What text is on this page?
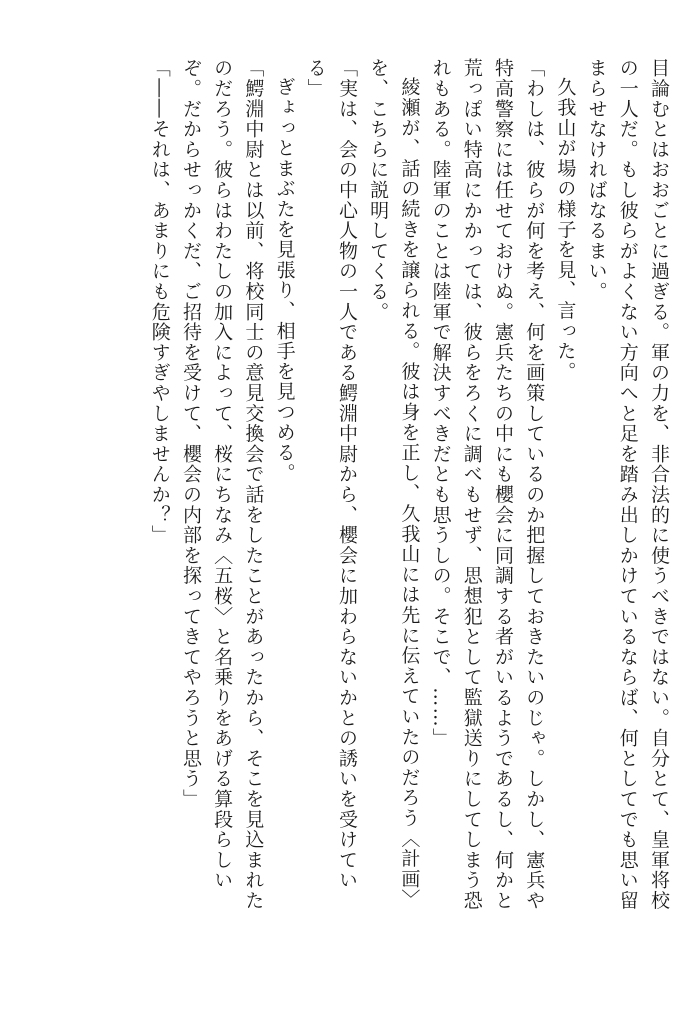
目論むとはおおごとに過ぎる。軍の力を、非合法的に使うべきではない。自分とて、皇軍将校
の一人だ。もし彼らがよくない方向へと足を踏み出しかけているならば、何としてでも思い留
まらせなければなるまい。
久我山が場の様子を見、言った。
「わしは、彼らが何を考え、何を画策しているのか把握しておきたいのじゃ。しかし、憲兵や
特高警察には任せておけぬ。憲兵たちの中にも櫻会に同調する者がいるようであるし、何かと
荒っぽい特高にかかっては、彼らをろくに調べもせず、思想犯として監獄送りにしてしまう恐
れもある。陸軍のことは陸軍で解決すべきだとも思うしの。そこで、……」
綾瀬が、話の続きを譲られる。彼は身を正し、久我山には先に伝えていたのだろう〈計画〉
を、こちらに説明してくる。
「実は、会の中心人物の一人である鰐淵中尉から、櫻会に加わらないかとの誘いを受けてい
る」
ぎょっとまぶたを見張り、相手を見つめる。
「鰐淵中尉とは以前、将校同士の意見交換会で話をしたことがあったから、そこを見込まれた
のだろう。彼らはわたしの加入によって、桜にちなみ〈五桜〉と名乗りをあげる算段らしい
ぞ。だからせっかくだ、ご招待を受けて、櫻会の内部を探ってきてやろうと思う」
「――それは、あまりにも危険すぎやしませんか？」
